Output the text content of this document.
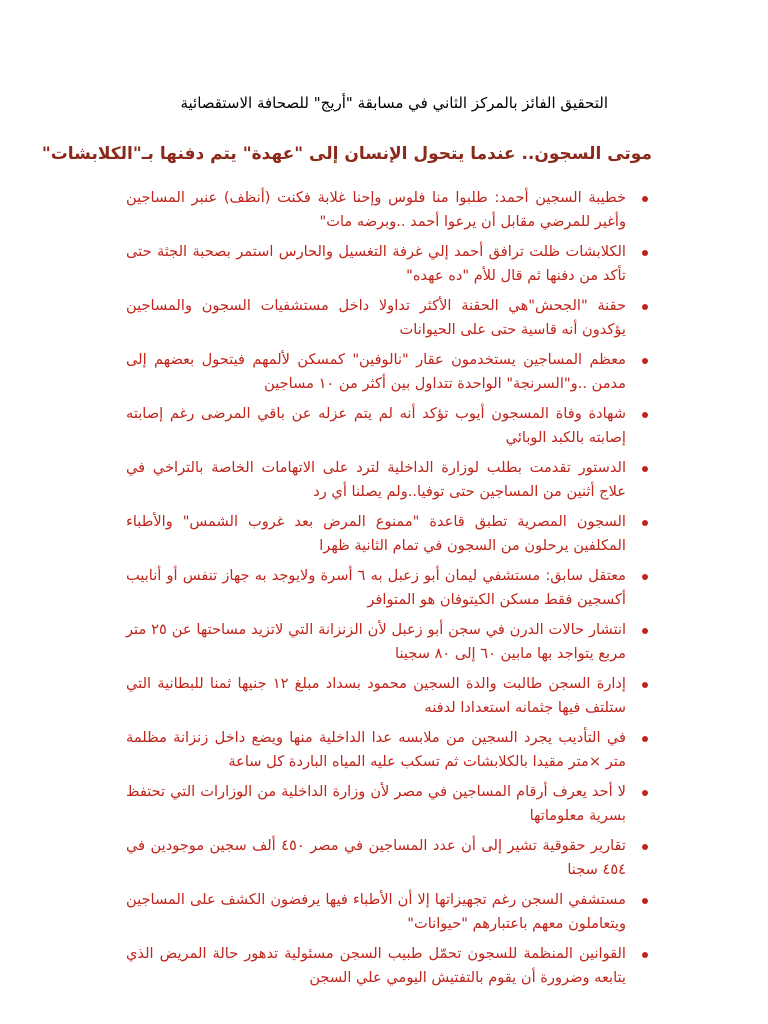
التحقيق الفائز بالمركز الثاني في مسابقة "أريج" للصحافة الاستقصائية
موتى السجون.. عندما يتحول الإنسان إلى "عهدة" يتم دفنها بـ"الكلابشات"
خطيبة السجين أحمد: طلبوا منا فلوس وإحنا غلابة فكنت (أنظف) عنبر المساجين وأغير للمرضي مقابل أن يرعوا أحمد ..وبرضه مات"
الكلابشات ظلت ترافق أحمد إلي غرفة التغسيل والحارس استمر بصحبة الجثة حتى تأكد من دفنها ثم قال للأم "ده عهده"
حقنة "الجحش"هي الحقنة الأكثر تداولا داخل مستشفيات السجون والمساجين يؤكدون أنه قاسية حتى على الحيوانات
معظم المساجين يستخدمون عقار "نالوفين" كمسكن لألمهم فيتحول بعضهم إلى مدمن ..و"السرنجة" الواحدة تتداول بين أكثر من ١٠ مساجين
شهادة وفاة المسجون أيوب تؤكد أنه لم يتم عزله عن باقي المرضى رغم إصابته إصابته بالكبد الوبائي
الدستور تقدمت بطلب لوزارة الداخلية لترد على الاتهامات الخاصة بالتراخي في علاج أثنين من المساجين حتى توفيا..ولم يصلنا أي رد
السجون المصرية تطبق قاعدة "ممنوع المرض بعد غروب الشمس" والأطباء المكلفين يرحلون من السجون في تمام الثانية ظهرا
معتقل سابق: مستشفي ليمان أبو زعبل به ٦ أسرة ولايوجد به جهاز تنفس أو أنابيب أكسجين فقط مسكن الكيتوفان هو المتوافر
انتشار حالات الدرن في سجن أبو زعبل لأن الزنزانة التي لاتزيد مساحتها عن ٢٥ متر مربع يتواجد بها مابين ٦٠ إلى ٨٠ سجينا
إدارة السجن طالبت والدة السجين محمود بسداد مبلغ ١٢ جنيها ثمنا للبطانية التي ستلتف فيها جثمانه استعدادا لدفنه
في التأديب يجرد السجين من ملابسه عدا الداخلية منها ويضع داخل زنزانة مظلمة متر ×متر مقيدا بالكلابشات ثم تسكب عليه المياه الباردة كل ساعة
لا أحد يعرف أرقام المساجين في مصر لأن وزارة الداخلية من الوزارات التي تحتفظ بسرية معلوماتها
تقارير حقوقية تشير إلى أن عدد المساجين في مصر ٤٥٠ ألف سجين موجودين في ٤٥٤ سجنا
مستشفي السجن رغم تجهيزاتها إلا أن الأطباء فيها يرفضون الكشف على المساجين ويتعاملون معهم باعتبارهم "حيوانات"
القوانين المنظمة للسجون تحمّل طبيب السجن مسئولية تدهور حالة المريض الذي يتابعه وضرورة أن يقوم بالتفتيش اليومي علي السجن
